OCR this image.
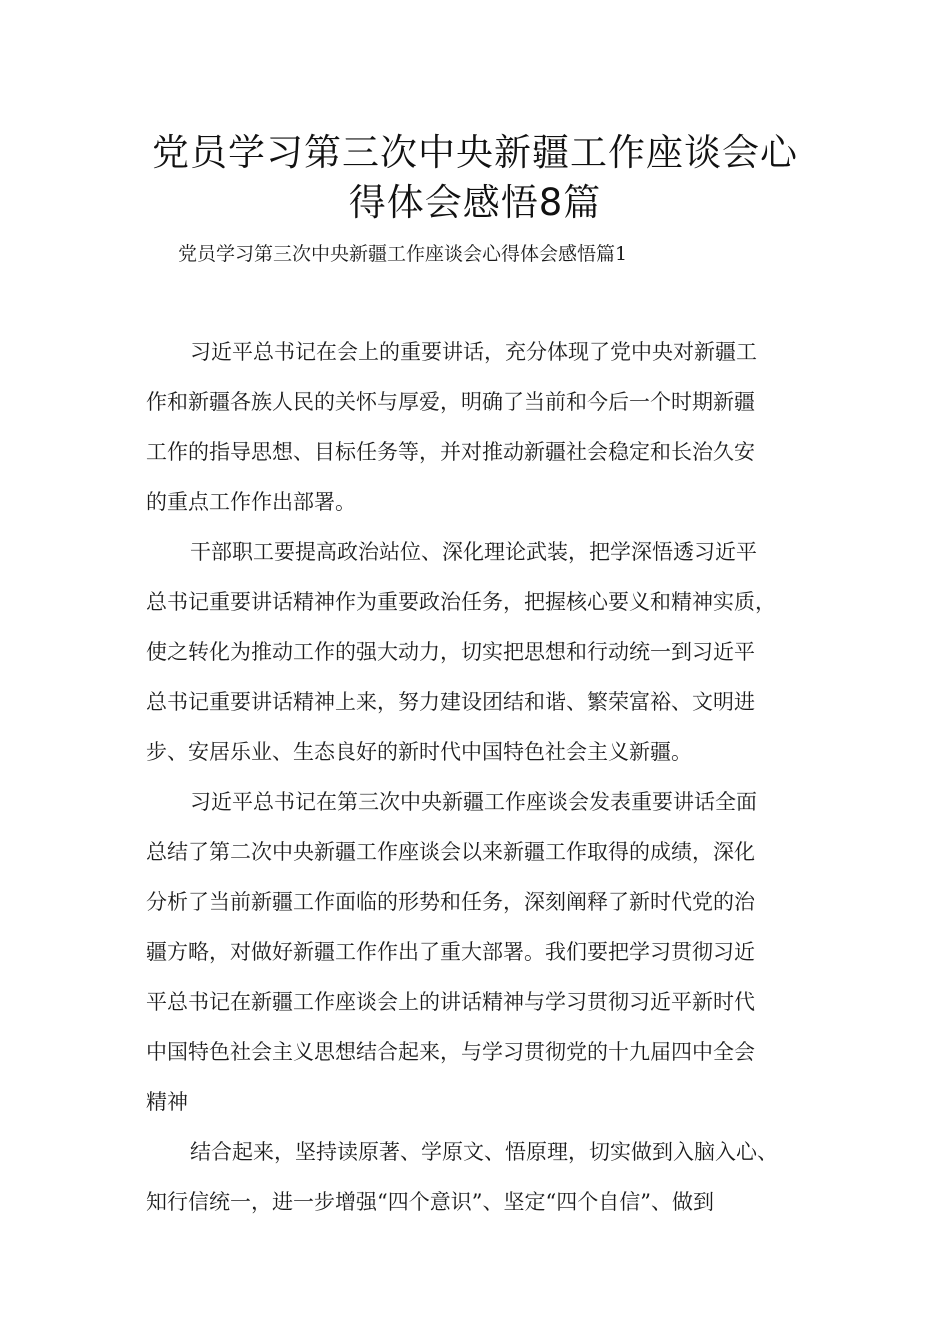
党员学习第三次中央新疆工作座谈会心
得体会感悟8篇
党员学习第三次中央新疆工作座谈会心得体会感悟篇1
习近平总书记在会上的重要讲话，充分体现了党中央对新疆工
作和新疆各族人民的关怀与厚爱，明确了当前和今后一个时期新疆
工作的指导思想、目标任务等，并对推动新疆社会稳定和长治久安
的重点工作作出部署。
干部职工要提高政治站位、深化理论武装，把学深悟透习近平
总书记重要讲话精神作为重要政治任务，把握核心要义和精神实质，
使之转化为推动工作的强大动力，切实把思想和行动统一到习近平
总书记重要讲话精神上来，努力建设团结和谐、繁荣富裕、文明进
步、安居乐业、生态良好的新时代中国特色社会主义新疆。
习近平总书记在第三次中央新疆工作座谈会发表重要讲话全面
总结了第二次中央新疆工作座谈会以来新疆工作取得的成绩，深化
分析了当前新疆工作面临的形势和任务，深刻阐释了新时代党的治
疆方略，对做好新疆工作作出了重大部署。我们要把学习贯彻习近
平总书记在新疆工作座谈会上的讲话精神与学习贯彻习近平新时代
中国特色社会主义思想结合起来，与学习贯彻党的十九届四中全会
精神
结合起来，坚持读原著、学原文、悟原理，切实做到入脑入心、
知行信统一，进一步增强“四个意识”、坚定“四个自信”、做到
